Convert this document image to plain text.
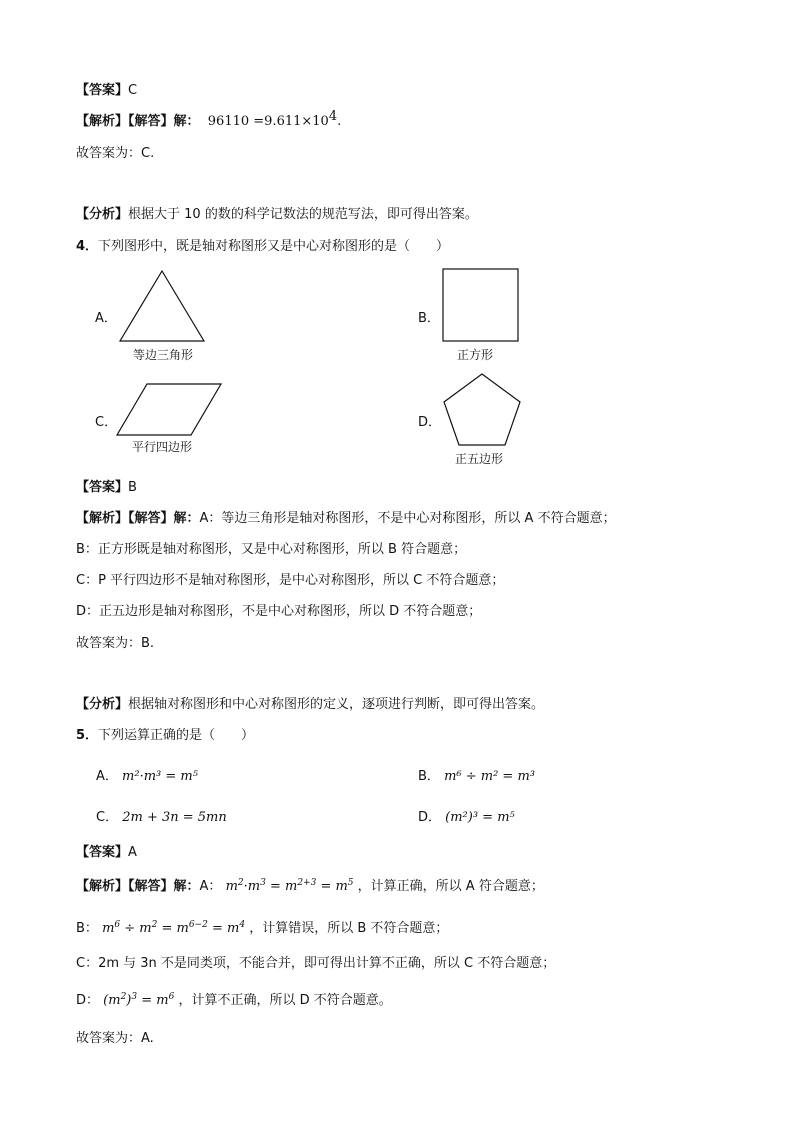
【答案】C
【解析】【解答】解： $96110 =9.611\times 10^4$.
故答案为：C.
【分析】根据大于 10 的数的科学记数法的规范写法，即可得出答案。
4．下列图形中，既是轴对称图形又是中心对称图形的是（　　）
A．
等边三角形
B．
正方形
C．
平行四边形
D．
正五边形
【答案】B
【解析】【解答】解：A：等边三角形是轴对称图形，不是中心对称图形，所以 A 不符合题意；
B：正方形既是轴对称图形，又是中心对称图形，所以 B 符合题意；
C：P 平行四边形不是轴对称图形，是中心对称图形，所以 C 不符合题意；
D：正五边形是轴对称图形，不是中心对称图形，所以 D 不符合题意；
故答案为：B.
【分析】根据轴对称图形和中心对称图形的定义，逐项进行判断，即可得出答案。
5．下列运算正确的是（　　）
A． m²·m³ = m⁵	B． m⁶ ÷ m² = m³
C． 2m + 3n = 5mn	D． (m²)³ = m⁵
【答案】A
【解析】【解答】解：A： $m^2\cdot m^3 = m^{2+3} = m^5$ ，计算正确，所以 A 符合题意；
B： $m^6 \div m^2 = m^{6-2} = m^4$ ，计算错误，所以 B 不符合题意；
C：2m 与 3n 不是同类项，不能合并，即可得出计算不正确，所以 C 不符合题意；
D： $(m^2)^3 = m^6$ ，计算不正确，所以 D 不符合题意。
故答案为：A.
